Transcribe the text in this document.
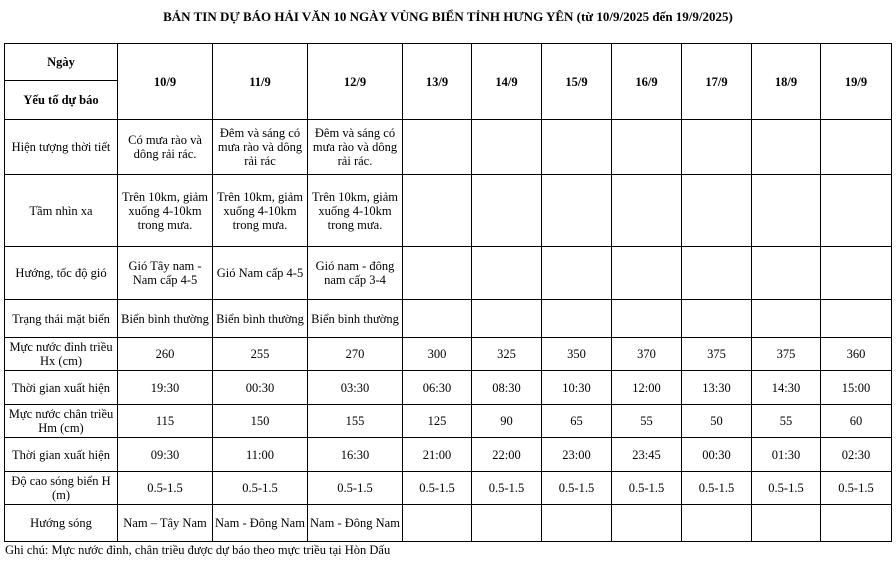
BẢN TIN DỰ BÁO HẢI VĂN 10 NGÀY VÙNG BIỂN TỈNH HƯNG YÊN (từ 10/9/2025 đến 19/9/2025)
Ngày
Yếu tố dự báo	10/9	11/9	12/9	13/9	14/9	15/9	16/9	17/9	18/9	19/9
Hiện tượng thời tiết	Có mưa rào và dông rải rác.	Đêm và sáng có mưa rào và dông rải rác	Đêm và sáng có mưa rào và dông rải rác.							
Tầm nhìn xa	Trên 10km, giảm xuống 4-10km trong mưa.	Trên 10km, giảm xuống 4-10km trong mưa.	Trên 10km, giảm xuống 4-10km trong mưa.							
Hướng, tốc độ gió	Gió Tây nam - Nam cấp 4-5	Gió Nam cấp 4-5	Gió nam - đông nam cấp 3-4							
Trạng thái mặt biển	Biển bình thường	Biển bình thường	Biển bình thường							
Mực nước đỉnh triều Hx (cm)	260	255	270	300	325	350	370	375	375	360
Thời gian xuất hiện	19:30	00:30	03:30	06:30	08:30	10:30	12:00	13:30	14:30	15:00
Mực nước chân triều Hm (cm)	115	150	155	125	90	65	55	50	55	60
Thời gian xuất hiện	09:30	11:00	16:30	21:00	22:00	23:00	23:45	00:30	01:30	02:30
Độ cao sóng biển H (m)	0.5-1.5	0.5-1.5	0.5-1.5	0.5-1.5	0.5-1.5	0.5-1.5	0.5-1.5	0.5-1.5	0.5-1.5	0.5-1.5
Hướng sóng	Nam – Tây Nam	Nam - Đông Nam	Nam - Đông Nam							
Ghi chú: Mực nước đỉnh, chân triều được dự báo theo mực triều tại Hòn Dấu
